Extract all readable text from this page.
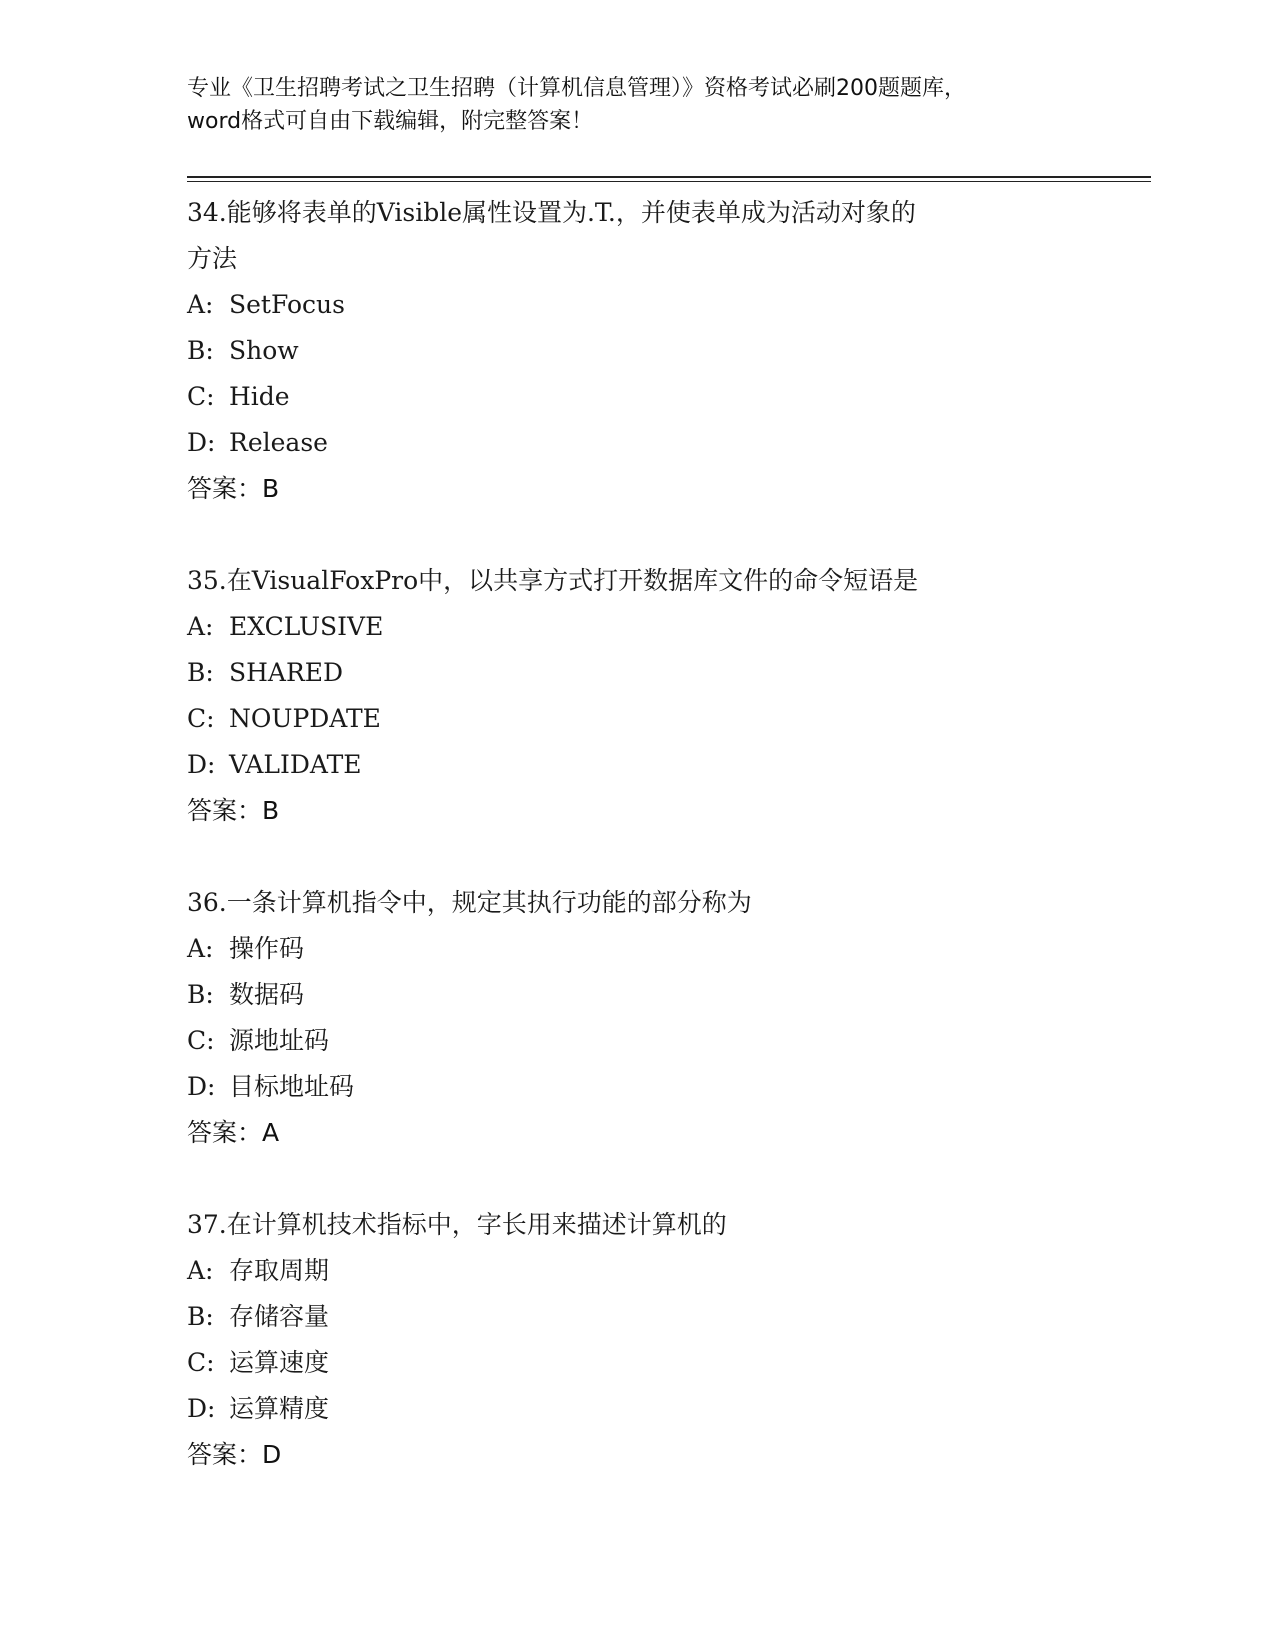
专业《卫生招聘考试之卫生招聘（计算机信息管理）》资格考试必刷200题题库，
word格式可自由下载编辑，附完整答案！
34.能够将表单的Visible属性设置为.T.，并使表单成为活动对象的
方法
A: SetFocus
B: Show
C: Hide
D: Release
答案：B
35.在VisualFoxPro中，以共享方式打开数据库文件的命令短语是
A: EXCLUSIVE
B: SHARED
C: NOUPDATE
D: VALIDATE
答案：B
36.一条计算机指令中，规定其执行功能的部分称为
A: 操作码
B: 数据码
C: 源地址码
D: 目标地址码
答案：A
37.在计算机技术指标中，字长用来描述计算机的
A: 存取周期
B: 存储容量
C: 运算速度
D: 运算精度
答案：D
